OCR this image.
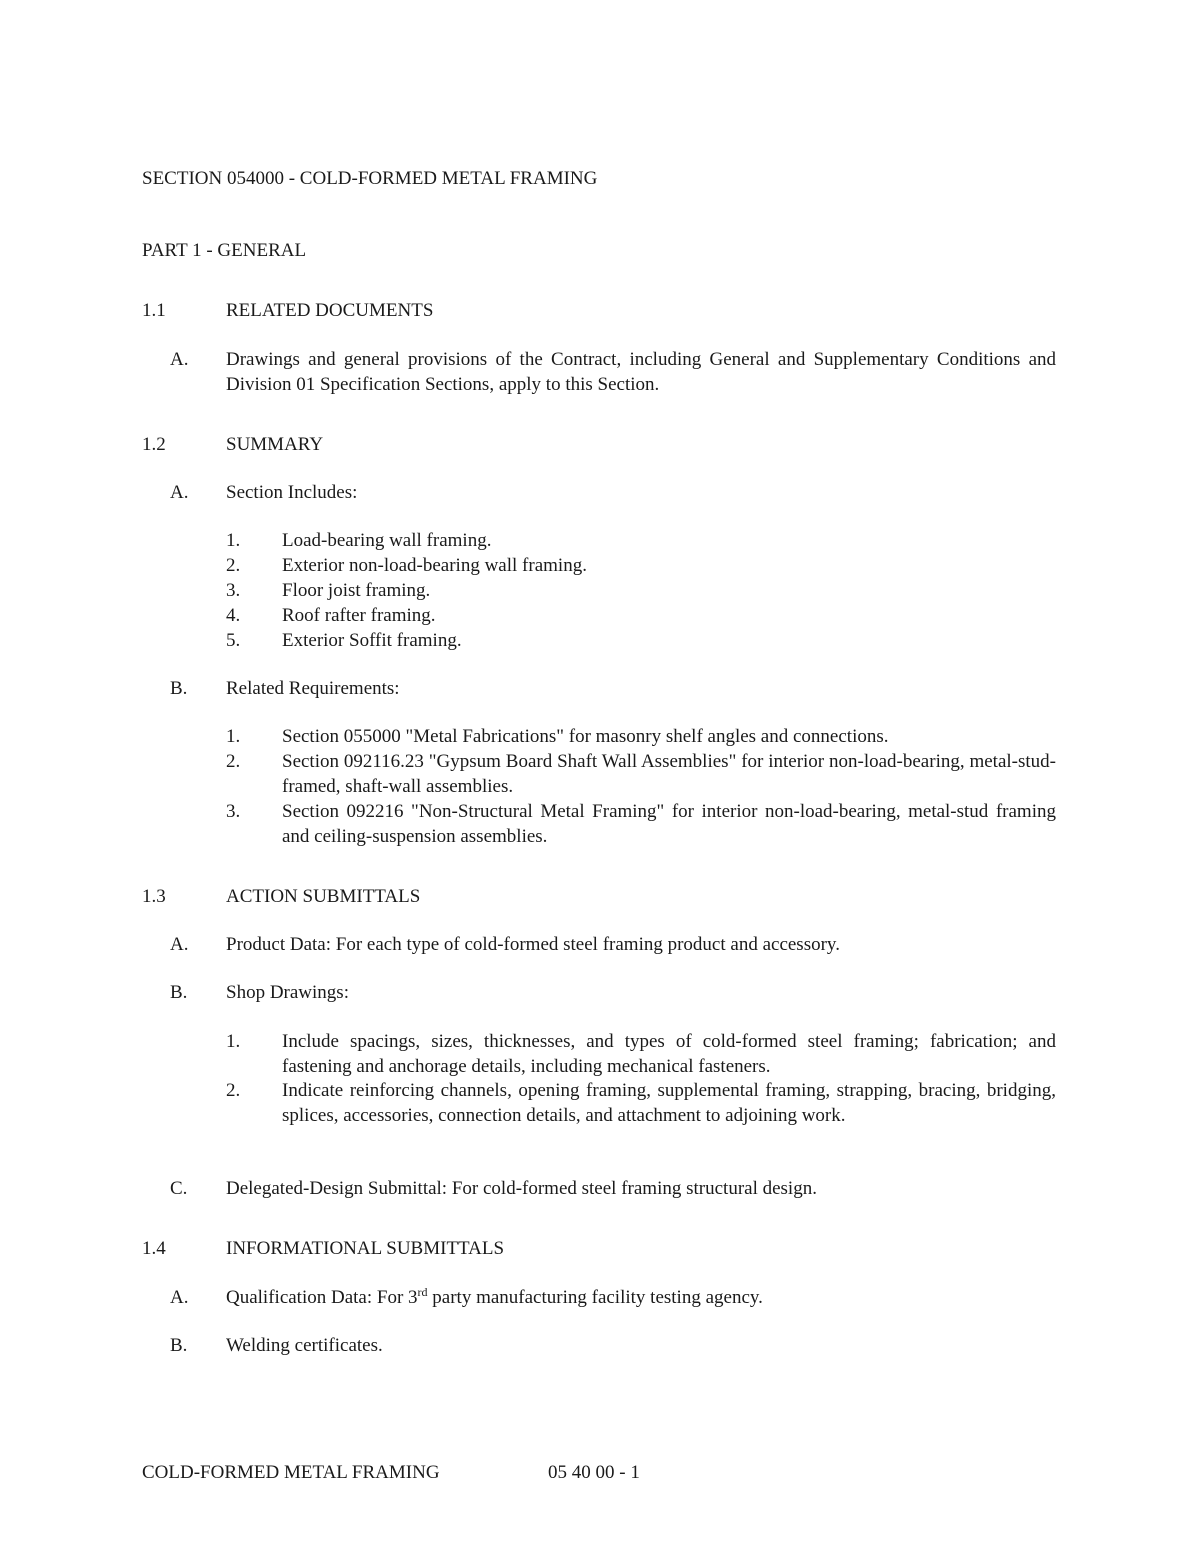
SECTION 054000 - COLD-FORMED METAL FRAMING
PART 1 - GENERAL
1.1	RELATED DOCUMENTS
A. Drawings and general provisions of the Contract, including General and Supplementary Conditions and Division 01 Specification Sections, apply to this Section.
1.2	SUMMARY
A. Section Includes:
1. Load-bearing wall framing.
2. Exterior non-load-bearing wall framing.
3. Floor joist framing.
4. Roof rafter framing.
5. Exterior Soffit framing.
B. Related Requirements:
1. Section 055000 "Metal Fabrications" for masonry shelf angles and connections.
2. Section 092116.23 "Gypsum Board Shaft Wall Assemblies" for interior non-load-bearing, metal-stud-framed, shaft-wall assemblies.
3. Section 092216 "Non-Structural Metal Framing" for interior non-load-bearing, metal-stud framing and ceiling-suspension assemblies.
1.3	ACTION SUBMITTALS
A. Product Data: For each type of cold-formed steel framing product and accessory.
B. Shop Drawings:
1. Include spacings, sizes, thicknesses, and types of cold-formed steel framing; fabrication; and fastening and anchorage details, including mechanical fasteners.
2. Indicate reinforcing channels, opening framing, supplemental framing, strapping, bracing, bridging, splices, accessories, connection details, and attachment to adjoining work.
C. Delegated-Design Submittal: For cold-formed steel framing structural design.
1.4	INFORMATIONAL SUBMITTALS
A. Qualification Data: For 3rd party manufacturing facility testing agency.
B. Welding certificates.
COLD-FORMED METAL FRAMING	05 40 00 - 1
